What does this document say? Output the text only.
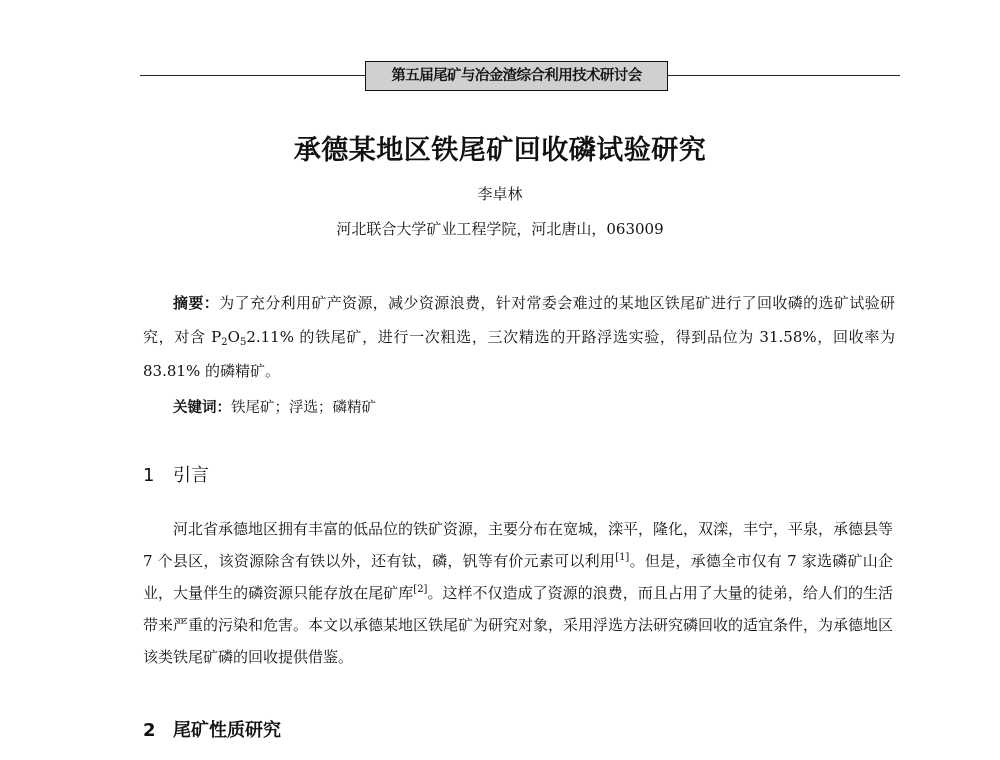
第五届尾矿与冶金渣综合利用技术研讨会
承德某地区铁尾矿回收磷试验研究
李卓林
河北联合大学矿业工程学院，河北唐山，063009

摘要：为了充分利用矿产资源，减少资源浪费，针对常委会难过的某地区铁尾矿进行了回收磷的选矿试验研究，对含 $P_2O_52.11\%$ 的铁尾矿，进行一次粗选，三次精选的开路浮选实验，得到品位为 31.58%，回收率为 83.81% 的磷精矿。

关键词：铁尾矿；浮选；磷精矿

1 引言

河北省承德地区拥有丰富的低品位的铁矿资源，主要分布在宽城，滦平，隆化，双滦，丰宁，平泉，承德县等 7 个县区，该资源除含有铁以外，还有钛，磷，钒等有价元素可以利用[1]。但是，承德全市仅有 7 家选磷矿山企业，大量伴生的磷资源只能存放在尾矿库[2]。这样不仅造成了资源的浪费，而且占用了大量的徒弟，给人们的生活带来严重的污染和危害。本文以承德某地区铁尾矿为研究对象，采用浮选方法研究磷回收的适宜条件，为承德地区该类铁尾矿磷的回收提供借鉴。

2 尾矿性质研究
